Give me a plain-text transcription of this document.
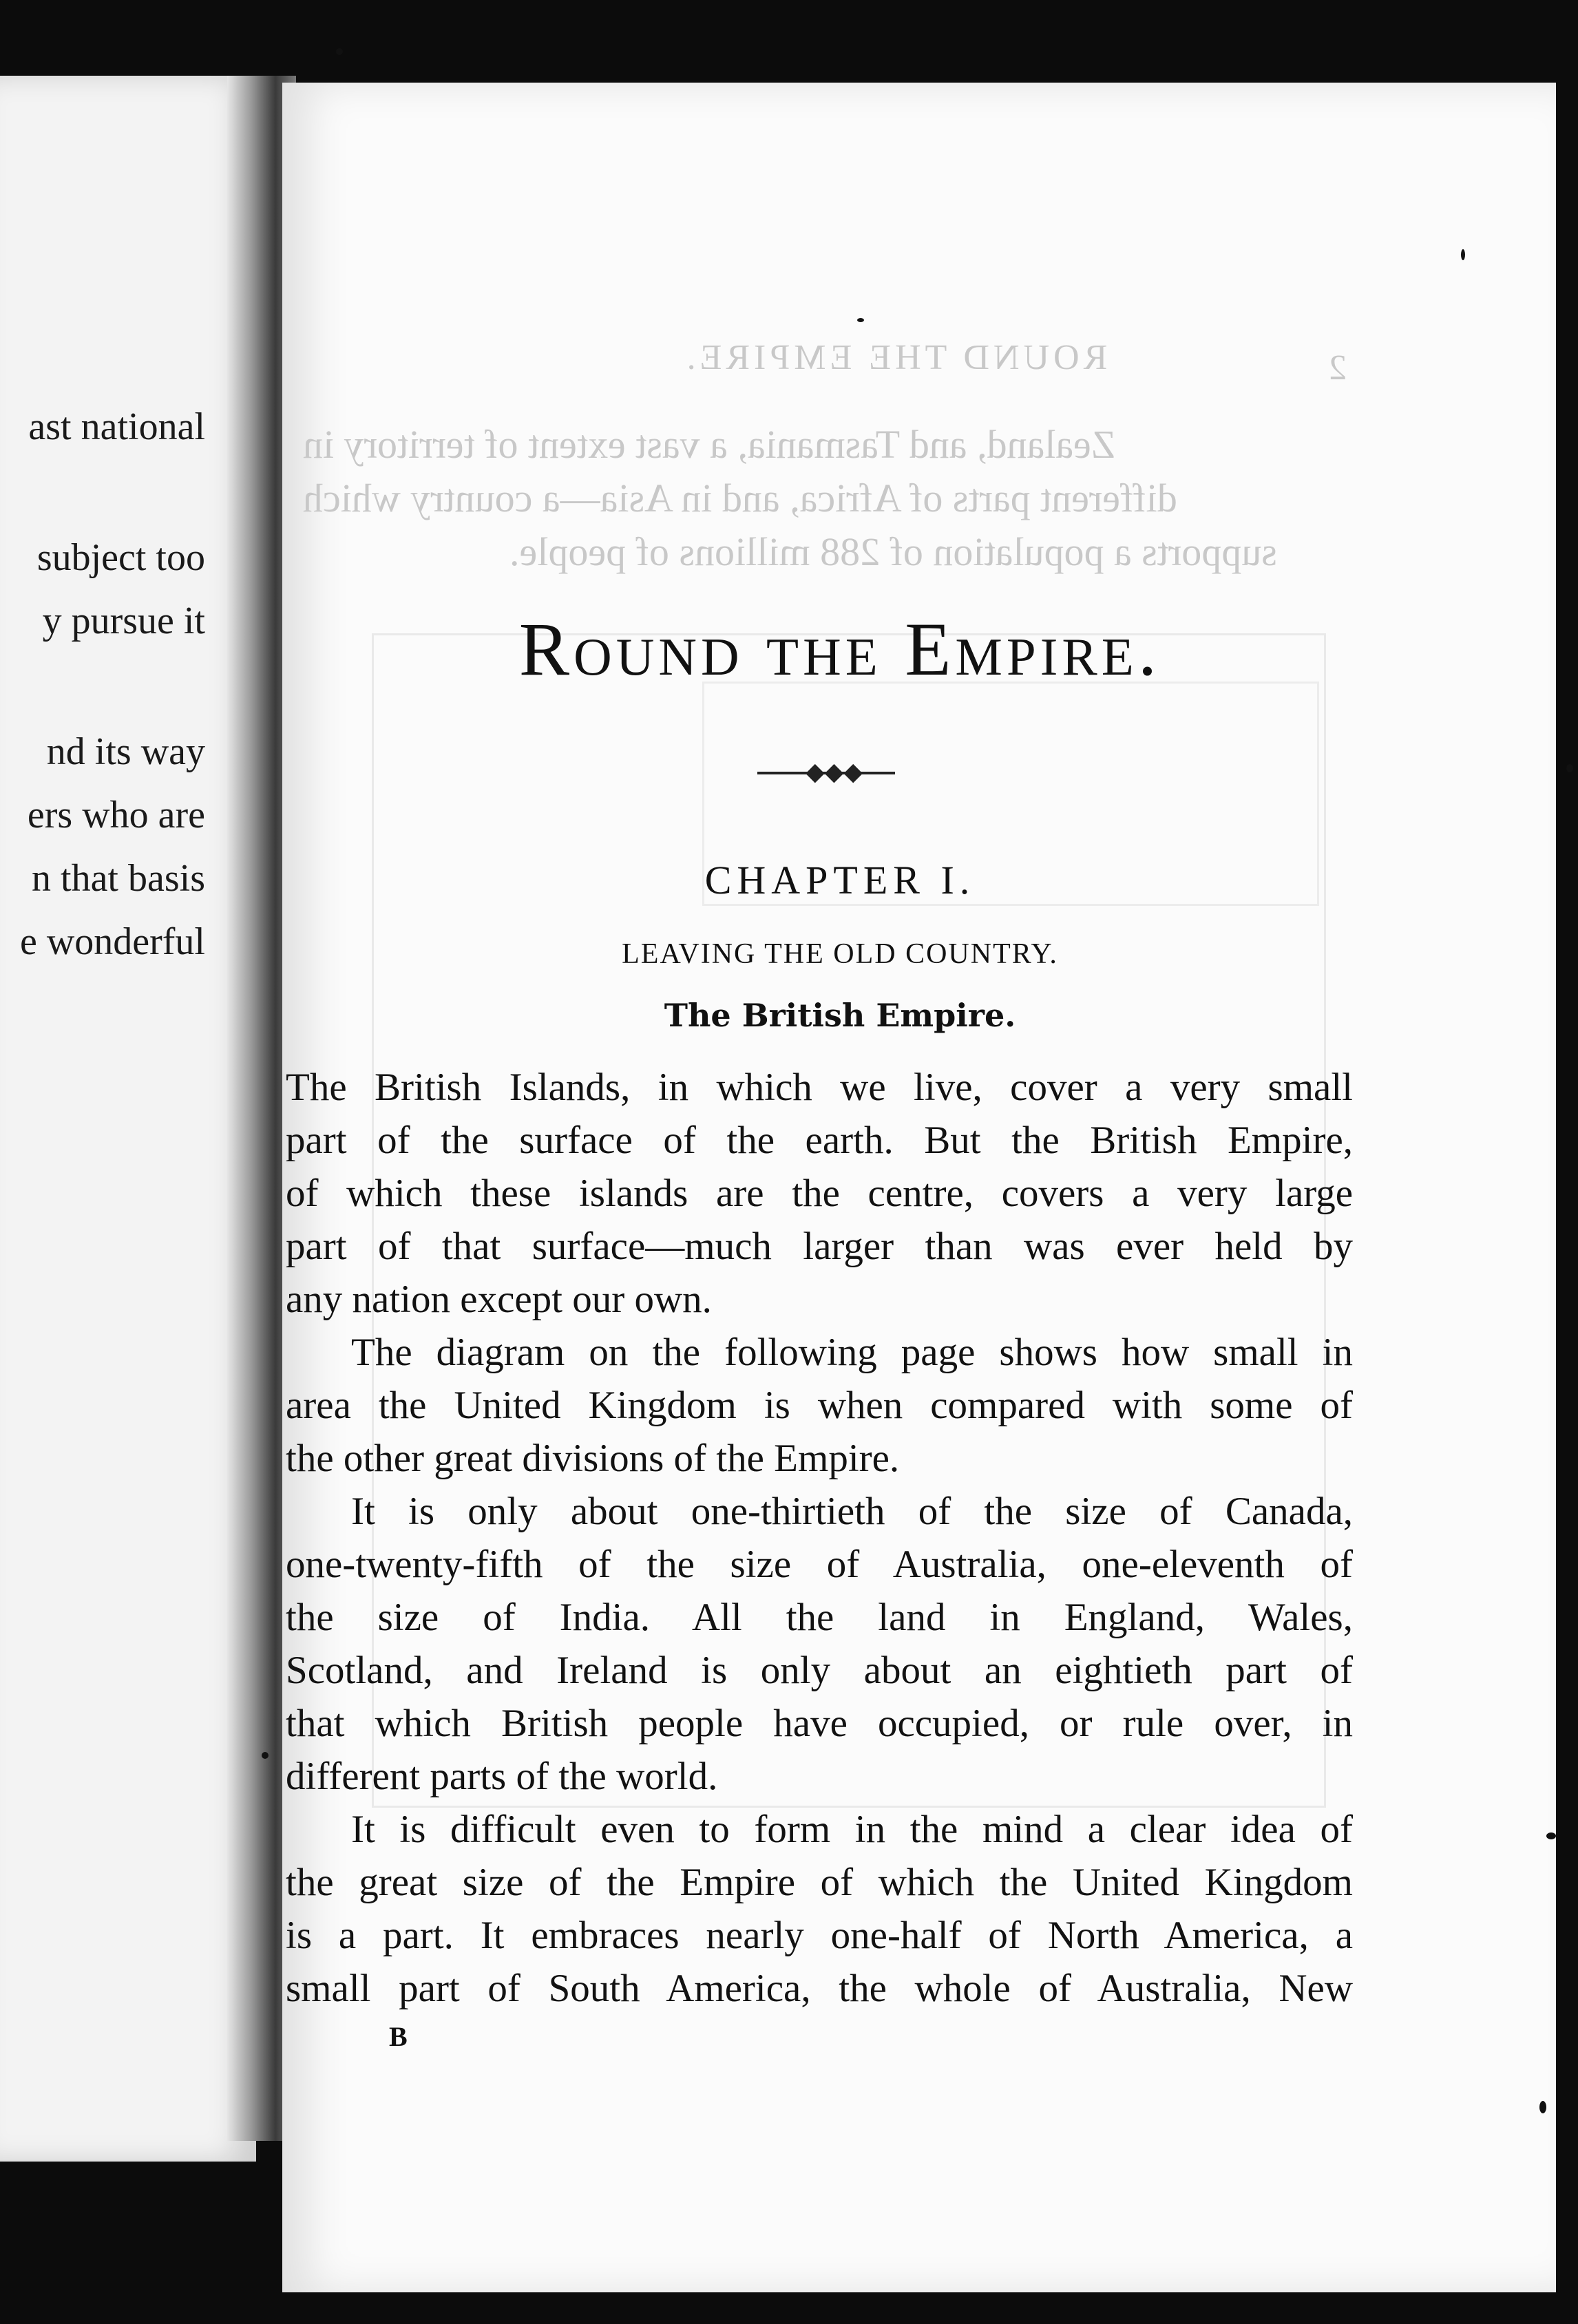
ast national
subject too
y pursue it
nd its way
ers who are
n that basis
e wonderful
ROUND THE EMPIRE.	2
Zealand, and Tasmania, a vast extent of territory in
different parts of Africa, and in Asia—a country which
supports a population of 288 millions of people.
Round the Empire.
◆◆◆
CHAPTER I.
LEAVING THE OLD COUNTRY.
The British Empire.
The British Islands, in which we live, cover a very small
part of the surface of the earth. But the British Empire,
of which these islands are the centre, covers a very large
part of that surface—much larger than was ever held by
any nation except our own.
The diagram on the following page shows how small in
area the United Kingdom is when compared with some of
the other great divisions of the Empire.
It is only about one-thirtieth of the size of Canada,
one-twenty-fifth of the size of Australia, one-eleventh of
the size of India. All the land in England, Wales,
Scotland, and Ireland is only about an eightieth part of
that which British people have occupied, or rule over, in
different parts of the world.
It is difficult even to form in the mind a clear idea of
the great size of the Empire of which the United Kingdom
is a part. It embraces nearly one-half of North America, a
small part of South America, the whole of Australia, New
B
